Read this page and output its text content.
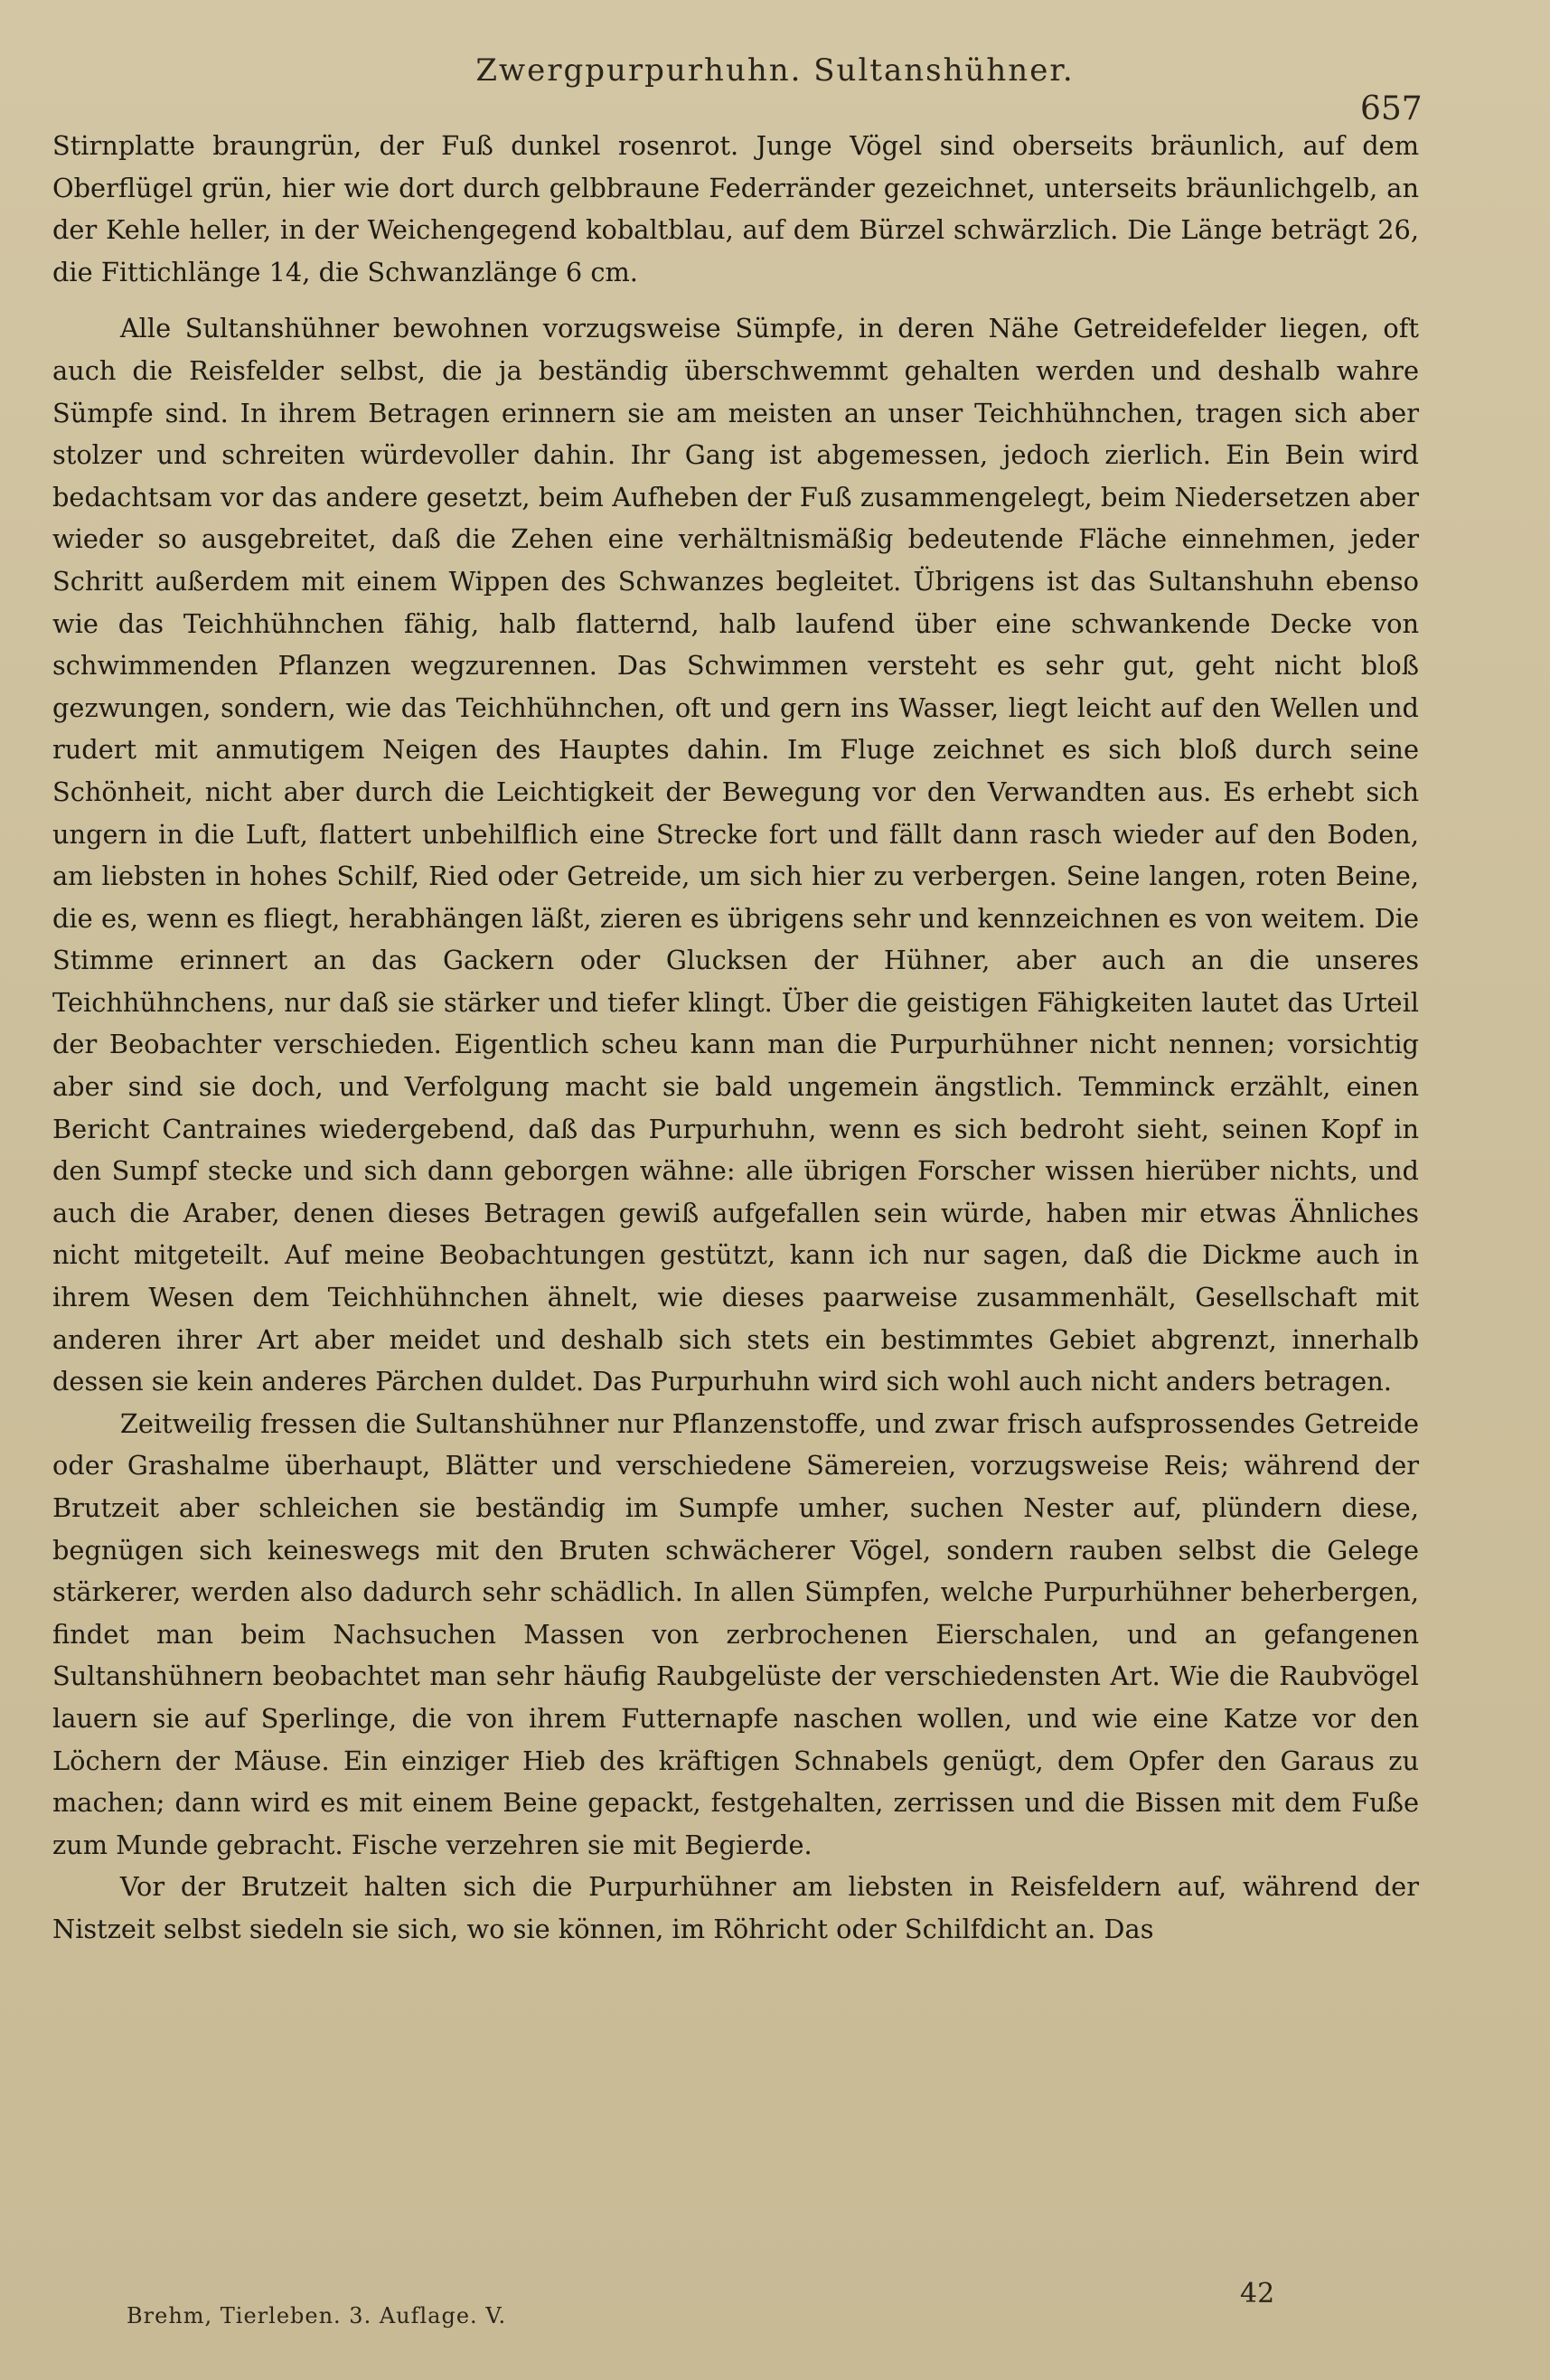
Zwergpurpurhuhn. Sultanshühner.
657

Stirnplatte braungrün, der Fuß dunkel rosenrot. Junge Vögel sind oberseits bräunlich, auf dem Oberflügel grün, hier wie dort durch gelbbraune Federränder gezeichnet, unterseits bräunlichgelb, an der Kehle heller, in der Weichengegend kobaltblau, auf dem Bürzel schwärzlich. Die Länge beträgt 26, die Fittichlänge 14, die Schwanzlänge 6 cm.

Alle Sultanshühner bewohnen vorzugsweise Sümpfe, in deren Nähe Getreidefelder liegen, oft auch die Reisfelder selbst, die ja beständig überschwemmt gehalten werden und deshalb wahre Sümpfe sind. In ihrem Betragen erinnern sie am meisten an unser Teichhühnchen, tragen sich aber stolzer und schreiten würdevoller dahin. Ihr Gang ist abgemessen, jedoch zierlich. Ein Bein wird bedachtsam vor das andere gesetzt, beim Aufheben der Fuß zusammengelegt, beim Niedersetzen aber wieder so ausgebreitet, daß die Zehen eine verhältnismäßig bedeutende Fläche einnehmen, jeder Schritt außerdem mit einem Wippen des Schwanzes begleitet. Übrigens ist das Sultanshuhn ebenso wie das Teichhühnchen fähig, halb flatternd, halb laufend über eine schwankende Decke von schwimmenden Pflanzen wegzurennen. Das Schwimmen versteht es sehr gut, geht nicht bloß gezwungen, sondern, wie das Teichhühnchen, oft und gern ins Wasser, liegt leicht auf den Wellen und rudert mit anmutigem Neigen des Hauptes dahin. Im Fluge zeichnet es sich bloß durch seine Schönheit, nicht aber durch die Leichtigkeit der Bewegung vor den Verwandten aus. Es erhebt sich ungern in die Luft, flattert unbehilflich eine Strecke fort und fällt dann rasch wieder auf den Boden, am liebsten in hohes Schilf, Ried oder Getreide, um sich hier zu verbergen. Seine langen, roten Beine, die es, wenn es fliegt, herabhängen läßt, zieren es übrigens sehr und kennzeichnen es von weitem. Die Stimme erinnert an das Gackern oder Glucksen der Hühner, aber auch an die unseres Teichhühnchens, nur daß sie stärker und tiefer klingt. Über die geistigen Fähigkeiten lautet das Urteil der Beobachter verschieden. Eigentlich scheu kann man die Purpurhühner nicht nennen; vorsichtig aber sind sie doch, und Verfolgung macht sie bald ungemein ängstlich. Temminck erzählt, einen Bericht Cantraines wiedergebend, daß das Purpurhuhn, wenn es sich bedroht sieht, seinen Kopf in den Sumpf stecke und sich dann geborgen wähne: alle übrigen Forscher wissen hierüber nichts, und auch die Araber, denen dieses Betragen gewiß aufgefallen sein würde, haben mir etwas Ähnliches nicht mitgeteilt. Auf meine Beobachtungen gestützt, kann ich nur sagen, daß die Dickme auch in ihrem Wesen dem Teichhühnchen ähnelt, wie dieses paarweise zusammenhält, Gesellschaft mit anderen ihrer Art aber meidet und deshalb sich stets ein bestimmtes Gebiet abgrenzt, innerhalb dessen sie kein anderes Pärchen duldet. Das Purpurhuhn wird sich wohl auch nicht anders betragen.

Zeitweilig fressen die Sultanshühner nur Pflanzenstoffe, und zwar frisch aufsprossendes Getreide oder Grashalme überhaupt, Blätter und verschiedene Sämereien, vorzugsweise Reis; während der Brutzeit aber schleichen sie beständig im Sumpfe umher, suchen Nester auf, plündern diese, begnügen sich keineswegs mit den Bruten schwächerer Vögel, sondern rauben selbst die Gelege stärkerer, werden also dadurch sehr schädlich. In allen Sümpfen, welche Purpurhühner beherbergen, findet man beim Nachsuchen Massen von zerbrochenen Eierschalen, und an gefangenen Sultanshühnern beobachtet man sehr häufig Raubgelüste der verschiedensten Art. Wie die Raubvögel lauern sie auf Sperlinge, die von ihrem Futternapfe naschen wollen, und wie eine Katze vor den Löchern der Mäuse. Ein einziger Hieb des kräftigen Schnabels genügt, dem Opfer den Garaus zu machen; dann wird es mit einem Beine gepackt, festgehalten, zerrissen und die Bissen mit dem Fuße zum Munde gebracht. Fische verzehren sie mit Begierde.

Vor der Brutzeit halten sich die Purpurhühner am liebsten in Reisfeldern auf, während der Nistzeit selbst siedeln sie sich, wo sie können, im Röhricht oder Schilfdicht an. Das

42
Brehm, Tierleben. 3. Auflage. V.
